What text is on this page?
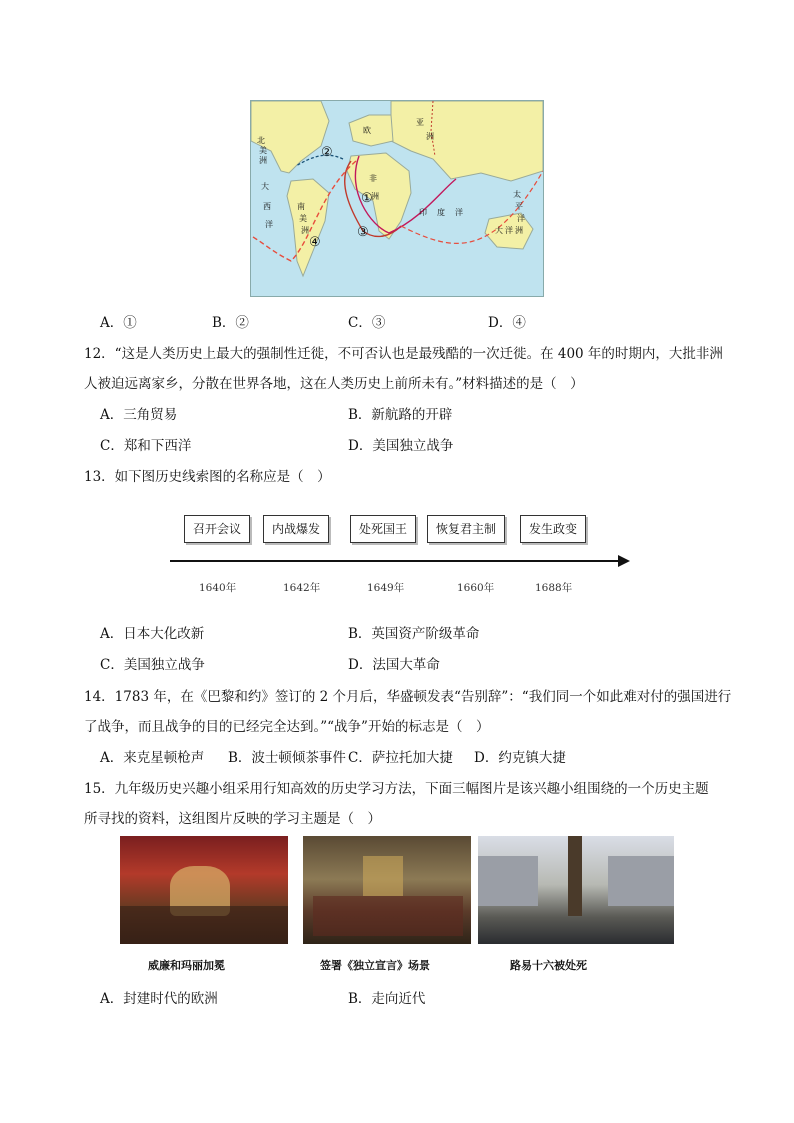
北
美
洲
大
西
洋
南
美
洲
欧
亚
洲
非
洲
印 度 洋
太
平
洋
大 洋 洲
①
②
③
④
A．①	B．②	C．③	D．④
12．“这是人类历史上最大的强制性迁徙，不可否认也是最残酷的一次迁徙。在 400 年的时期内，大批非洲
人被迫远离家乡，分散在世界各地，这在人类历史上前所未有。”材料描述的是（　）
A．三角贸易	B．新航路的开辟
C．郑和下西洋	D．美国独立战争
13．如下图历史线索图的名称应是（　）
召开会议	内战爆发	处死国王	恢复君主制	发生政变
1640年	1642年	1649年	1660年	1688年
A．日本大化改新	B．英国资产阶级革命
C．美国独立战争	D．法国大革命
14．1783 年，在《巴黎和约》签订的 2 个月后，华盛顿发表“告别辞”：“我们同一个如此难对付的强国进行
了战争，而且战争的目的已经完全达到。”“战争”开始的标志是（　）
A．来克星顿枪声 B．波士顿倾茶事件 C．萨拉托加大捷 D．约克镇大捷
15．九年级历史兴趣小组采用行知高效的历史学习方法，下面三幅图片是该兴趣小组围绕的一个历史主题
所寻找的资料，这组图片反映的学习主题是（　）
威廉和玛丽加冕	签署《独立宣言》场景	路易十六被处死
A．封建时代的欧洲	B．走向近代
